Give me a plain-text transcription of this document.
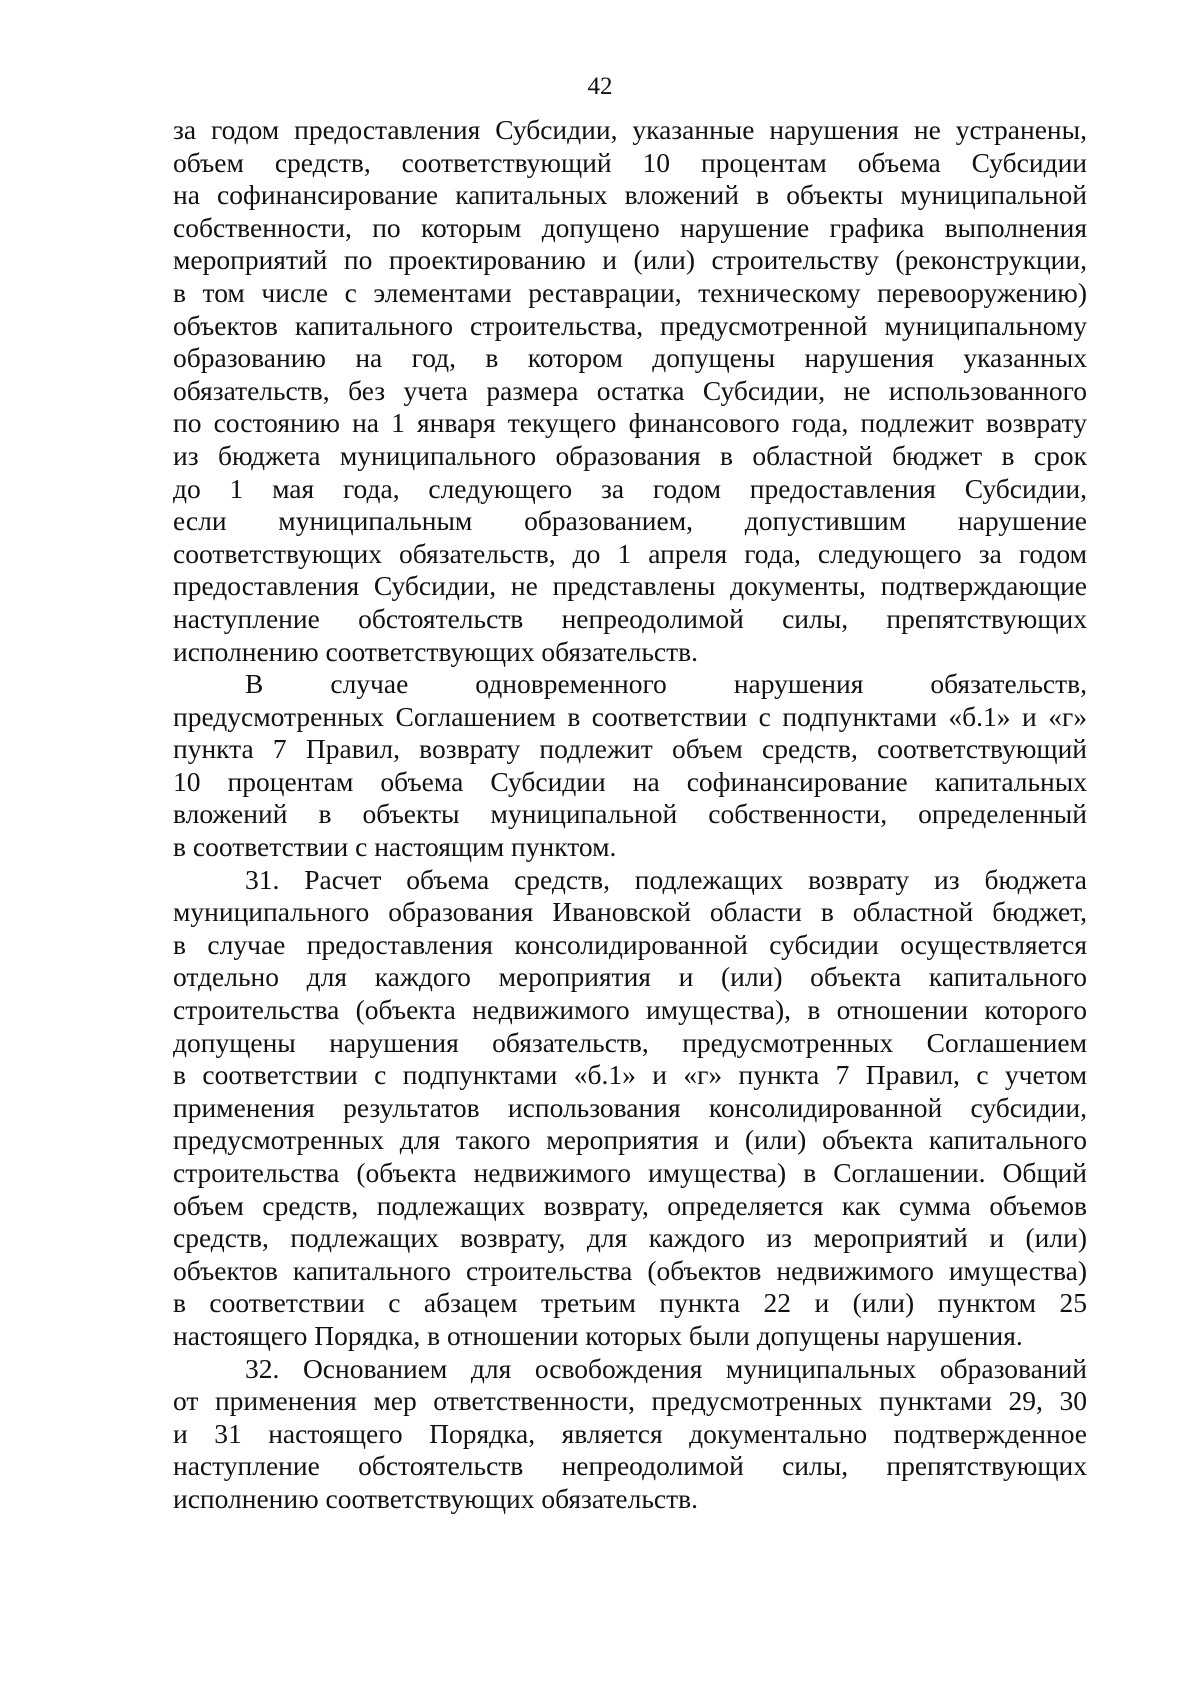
42
за годом предоставления Субсидии, указанные нарушения не устранены,
объем средств, соответствующий 10 процентам объема Субсидии
на софинансирование капитальных вложений в объекты муниципальной
собственности, по которым допущено нарушение графика выполнения
мероприятий по проектированию и (или) строительству (реконструкции,
в том числе с элементами реставрации, техническому перевооружению)
объектов капитального строительства, предусмотренной муниципальному
образованию на год, в котором допущены нарушения указанных
обязательств, без учета размера остатка Субсидии, не использованного
по состоянию на 1 января текущего финансового года, подлежит возврату
из бюджета муниципального образования в областной бюджет в срок
до 1 мая года, следующего за годом предоставления Субсидии,
если муниципальным образованием, допустившим нарушение
соответствующих обязательств, до 1 апреля года, следующего за годом
предоставления Субсидии, не представлены документы, подтверждающие
наступление обстоятельств непреодолимой силы, препятствующих
исполнению соответствующих обязательств.
В случае одновременного нарушения обязательств,
предусмотренных Соглашением в соответствии с подпунктами «б.1» и «г»
пункта 7 Правил, возврату подлежит объем средств, соответствующий
10 процентам объема Субсидии на софинансирование капитальных
вложений в объекты муниципальной собственности, определенный
в соответствии с настоящим пунктом.
31. Расчет объема средств, подлежащих возврату из бюджета
муниципального образования Ивановской области в областной бюджет,
в случае предоставления консолидированной субсидии осуществляется
отдельно для каждого мероприятия и (или) объекта капитального
строительства (объекта недвижимого имущества), в отношении которого
допущены нарушения обязательств, предусмотренных Соглашением
в соответствии с подпунктами «б.1» и «г» пункта 7 Правил, с учетом
применения результатов использования консолидированной субсидии,
предусмотренных для такого мероприятия и (или) объекта капитального
строительства (объекта недвижимого имущества) в Соглашении. Общий
объем средств, подлежащих возврату, определяется как сумма объемов
средств, подлежащих возврату, для каждого из мероприятий и (или)
объектов капитального строительства (объектов недвижимого имущества)
в соответствии с абзацем третьим пункта 22 и (или) пунктом 25
настоящего Порядка, в отношении которых были допущены нарушения.
32. Основанием для освобождения муниципальных образований
от применения мер ответственности, предусмотренных пунктами 29, 30
и 31 настоящего Порядка, является документально подтвержденное
наступление обстоятельств непреодолимой силы, препятствующих
исполнению соответствующих обязательств.
